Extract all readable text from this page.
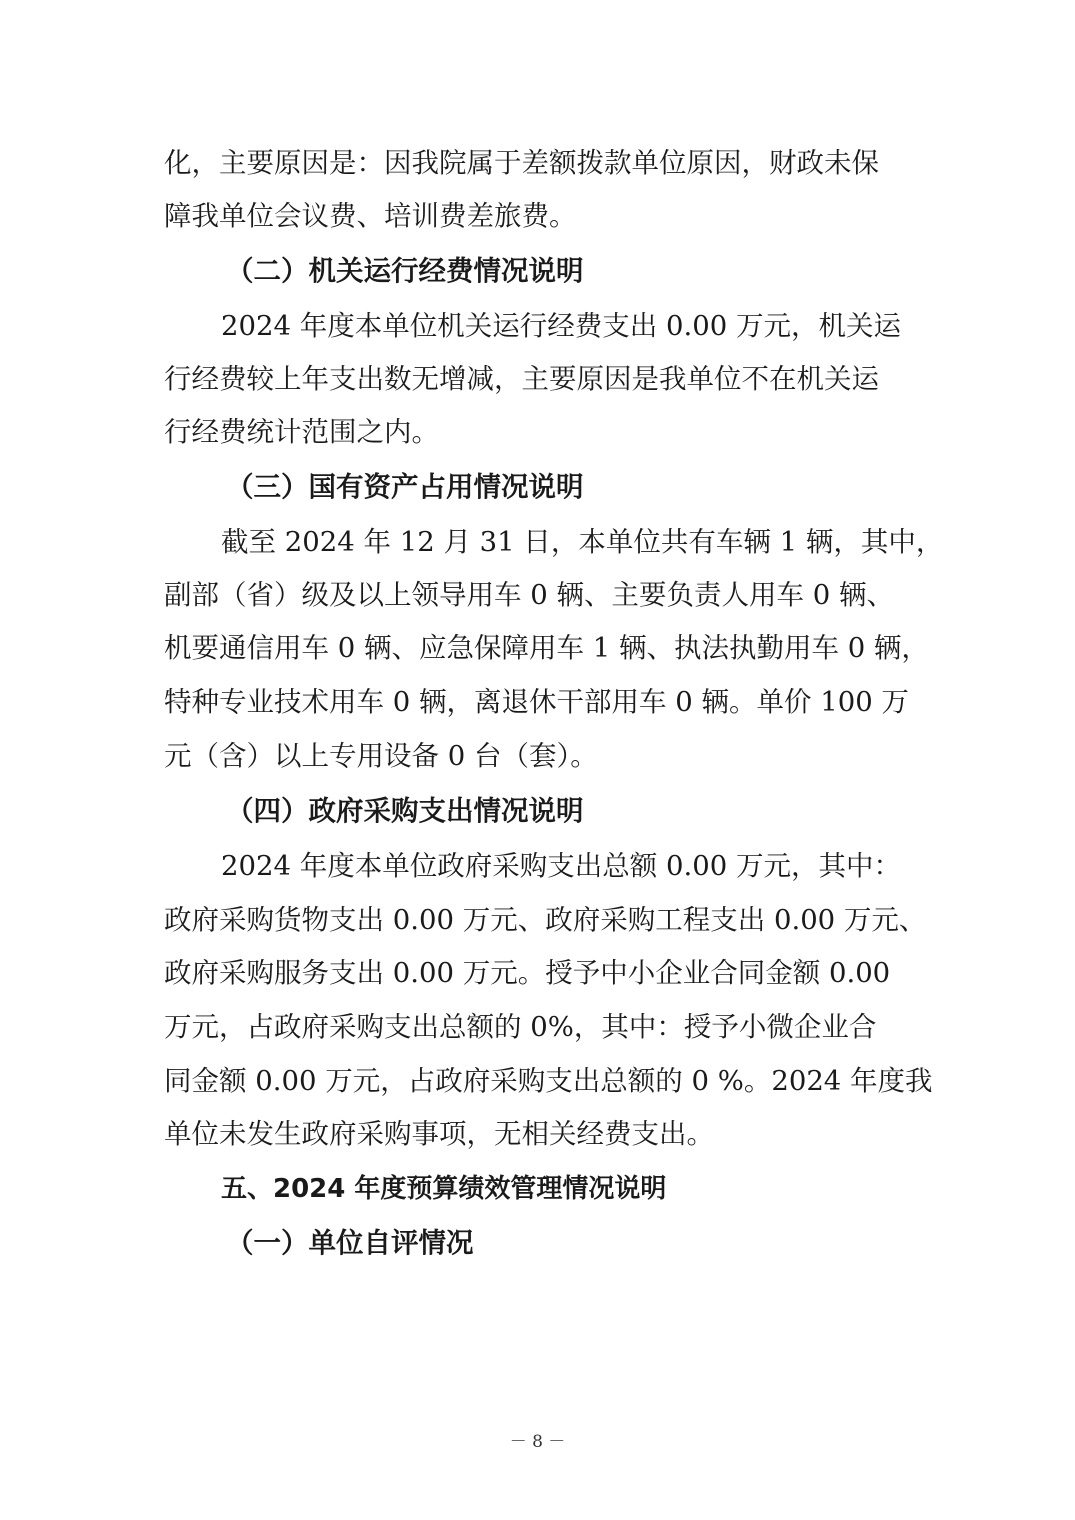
化，主要原因是：因我院属于差额拨款单位原因，财政未保
障我单位会议费、培训费差旅费。
（二）机关运行经费情况说明
2024 年度本单位机关运行经费支出 0.00 万元，机关运
行经费较上年支出数无增减，主要原因是我单位不在机关运
行经费统计范围之内。
（三）国有资产占用情况说明
截至 2024 年 12 月 31 日，本单位共有车辆 1 辆，其中，
副部（省）级及以上领导用车 0 辆、主要负责人用车 0 辆、
机要通信用车 0 辆、应急保障用车 1 辆、执法执勤用车 0 辆，
特种专业技术用车 0 辆，离退休干部用车 0 辆。单价 100 万
元（含）以上专用设备 0 台（套）。
（四）政府采购支出情况说明
2024 年度本单位政府采购支出总额 0.00 万元，其中：
政府采购货物支出 0.00 万元、政府采购工程支出 0.00 万元、
政府采购服务支出 0.00 万元。授予中小企业合同金额 0.00
万元，占政府采购支出总额的 0%，其中：授予小微企业合
同金额 0.00 万元，占政府采购支出总额的 0 %。2024 年度我
单位未发生政府采购事项，无相关经费支出。
五、2024 年度预算绩效管理情况说明
（一）单位自评情况
－ 8 －
